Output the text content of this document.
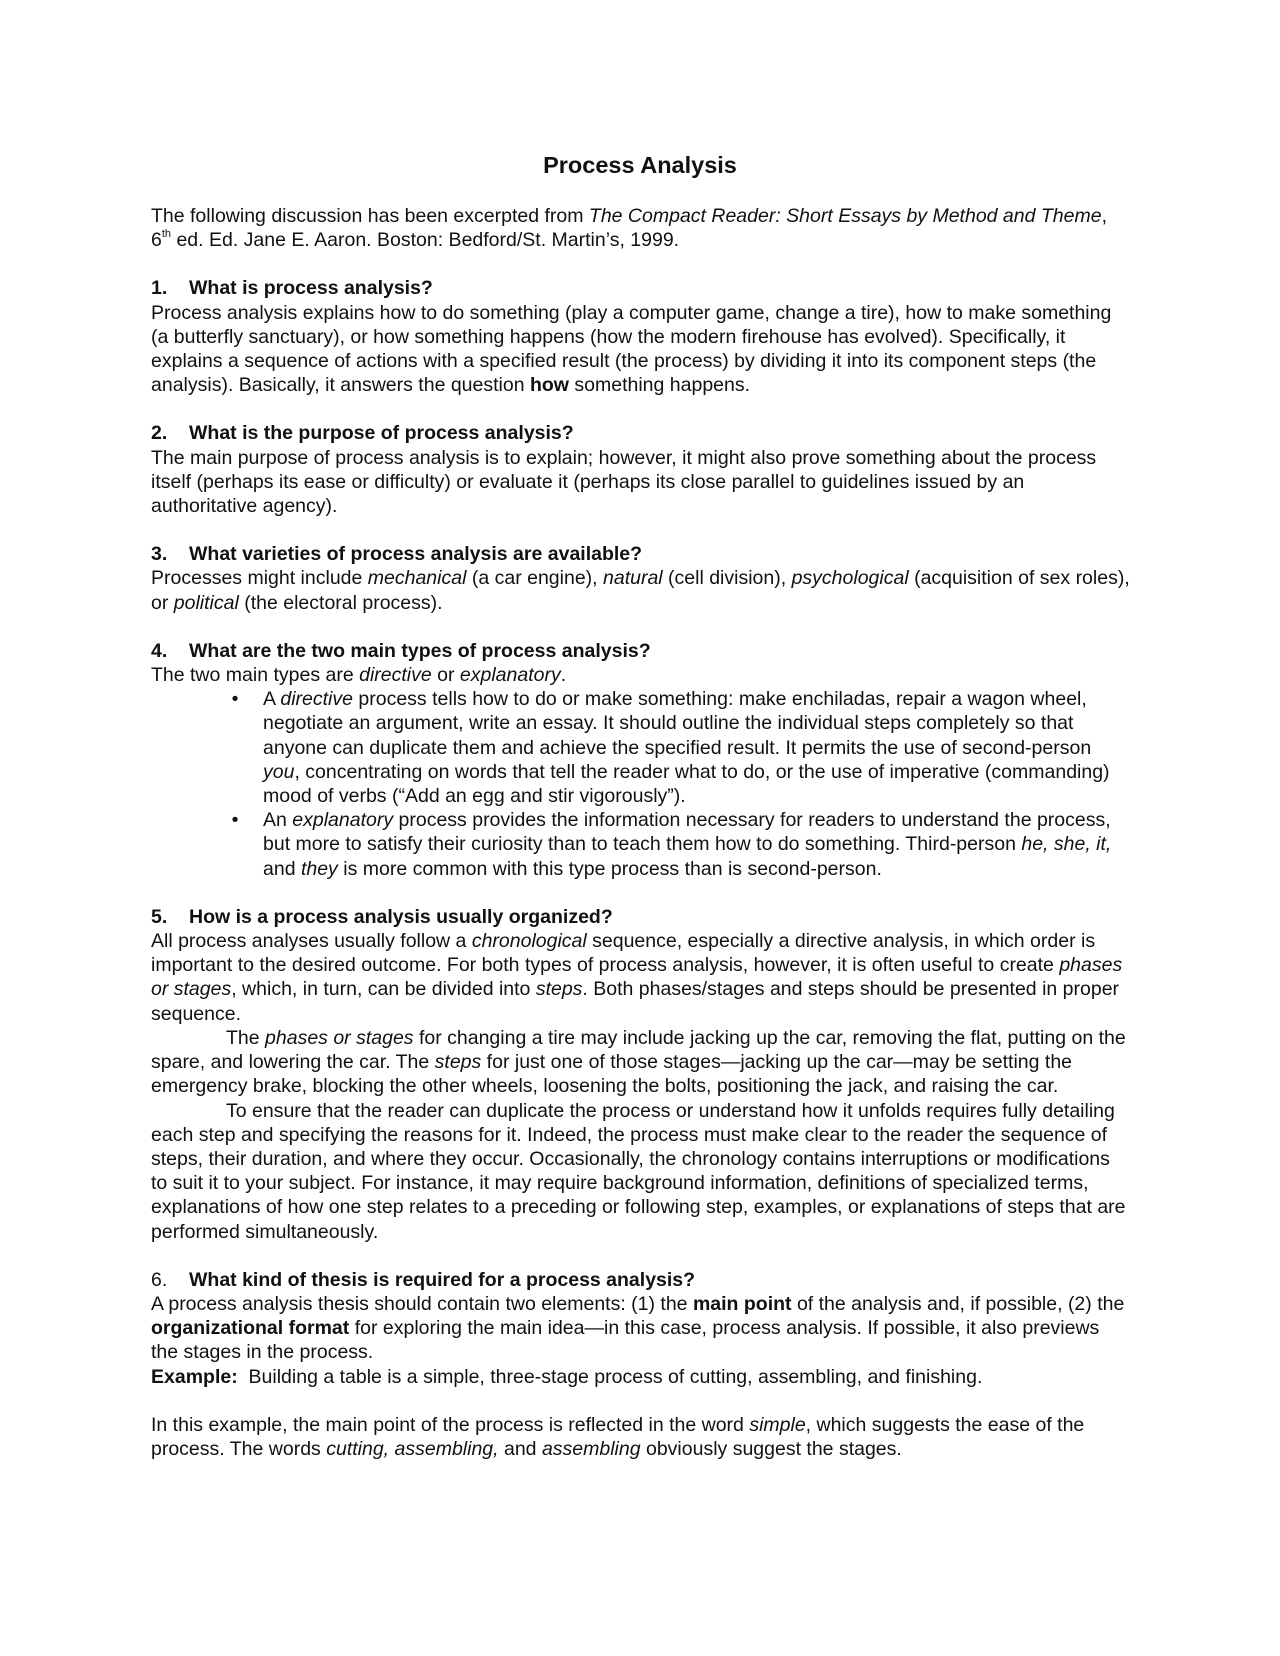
Process Analysis

The following discussion has been excerpted from The Compact Reader: Short Essays by Method and Theme, 6th ed. Ed. Jane E. Aaron. Boston: Bedford/St. Martin’s, 1999.

1. What is process analysis?

Process analysis explains how to do something (play a computer game, change a tire), how to make something (a butterfly sanctuary), or how something happens (how the modern firehouse has evolved). Specifically, it explains a sequence of actions with a specified result (the process) by dividing it into its component steps (the analysis). Basically, it answers the question how something happens.

2. What is the purpose of process analysis?

The main purpose of process analysis is to explain; however, it might also prove something about the process itself (perhaps its ease or difficulty) or evaluate it (perhaps its close parallel to guidelines issued by an authoritative agency).

3. What varieties of process analysis are available?

Processes might include mechanical (a car engine), natural (cell division), psychological (acquisition of sex roles), or political (the electoral process).

4. What are the two main types of process analysis?

The two main types are directive or explanatory.

•	A directive process tells how to do or make something: make enchiladas, repair a wagon wheel, negotiate an argument, write an essay. It should outline the individual steps completely so that anyone can duplicate them and achieve the specified result. It permits the use of second-person you, concentrating on words that tell the reader what to do, or the use of imperative (commanding) mood of verbs (“Add an egg and stir vigorously”).
•	An explanatory process provides the information necessary for readers to understand the process, but more to satisfy their curiosity than to teach them how to do something. Third-person he, she, it, and they is more common with this type process than is second-person.

5. How is a process analysis usually organized?

All process analyses usually follow a chronological sequence, especially a directive analysis, in which order is important to the desired outcome. For both types of process analysis, however, it is often useful to create phases or stages, which, in turn, can be divided into steps. Both phases/stages and steps should be presented in proper sequence.

The phases or stages for changing a tire may include jacking up the car, removing the flat, putting on the spare, and lowering the car. The steps for just one of those stages—jacking up the car—may be setting the emergency brake, blocking the other wheels, loosening the bolts, positioning the jack, and raising the car.

To ensure that the reader can duplicate the process or understand how it unfolds requires fully detailing each step and specifying the reasons for it. Indeed, the process must make clear to the reader the sequence of steps, their duration, and where they occur. Occasionally, the chronology contains interruptions or modifications to suit it to your subject. For instance, it may require background information, definitions of specialized terms, explanations of how one step relates to a preceding or following step, examples, or explanations of steps that are performed simultaneously.

6. What kind of thesis is required for a process analysis?

A process analysis thesis should contain two elements: (1) the main point of the analysis and, if possible, (2) the organizational format for exploring the main idea—in this case, process analysis. If possible, it also previews the stages in the process.

Example:  Building a table is a simple, three-stage process of cutting, assembling, and finishing.

In this example, the main point of the process is reflected in the word simple, which suggests the ease of the process. The words cutting, assembling, and assembling obviously suggest the stages.
